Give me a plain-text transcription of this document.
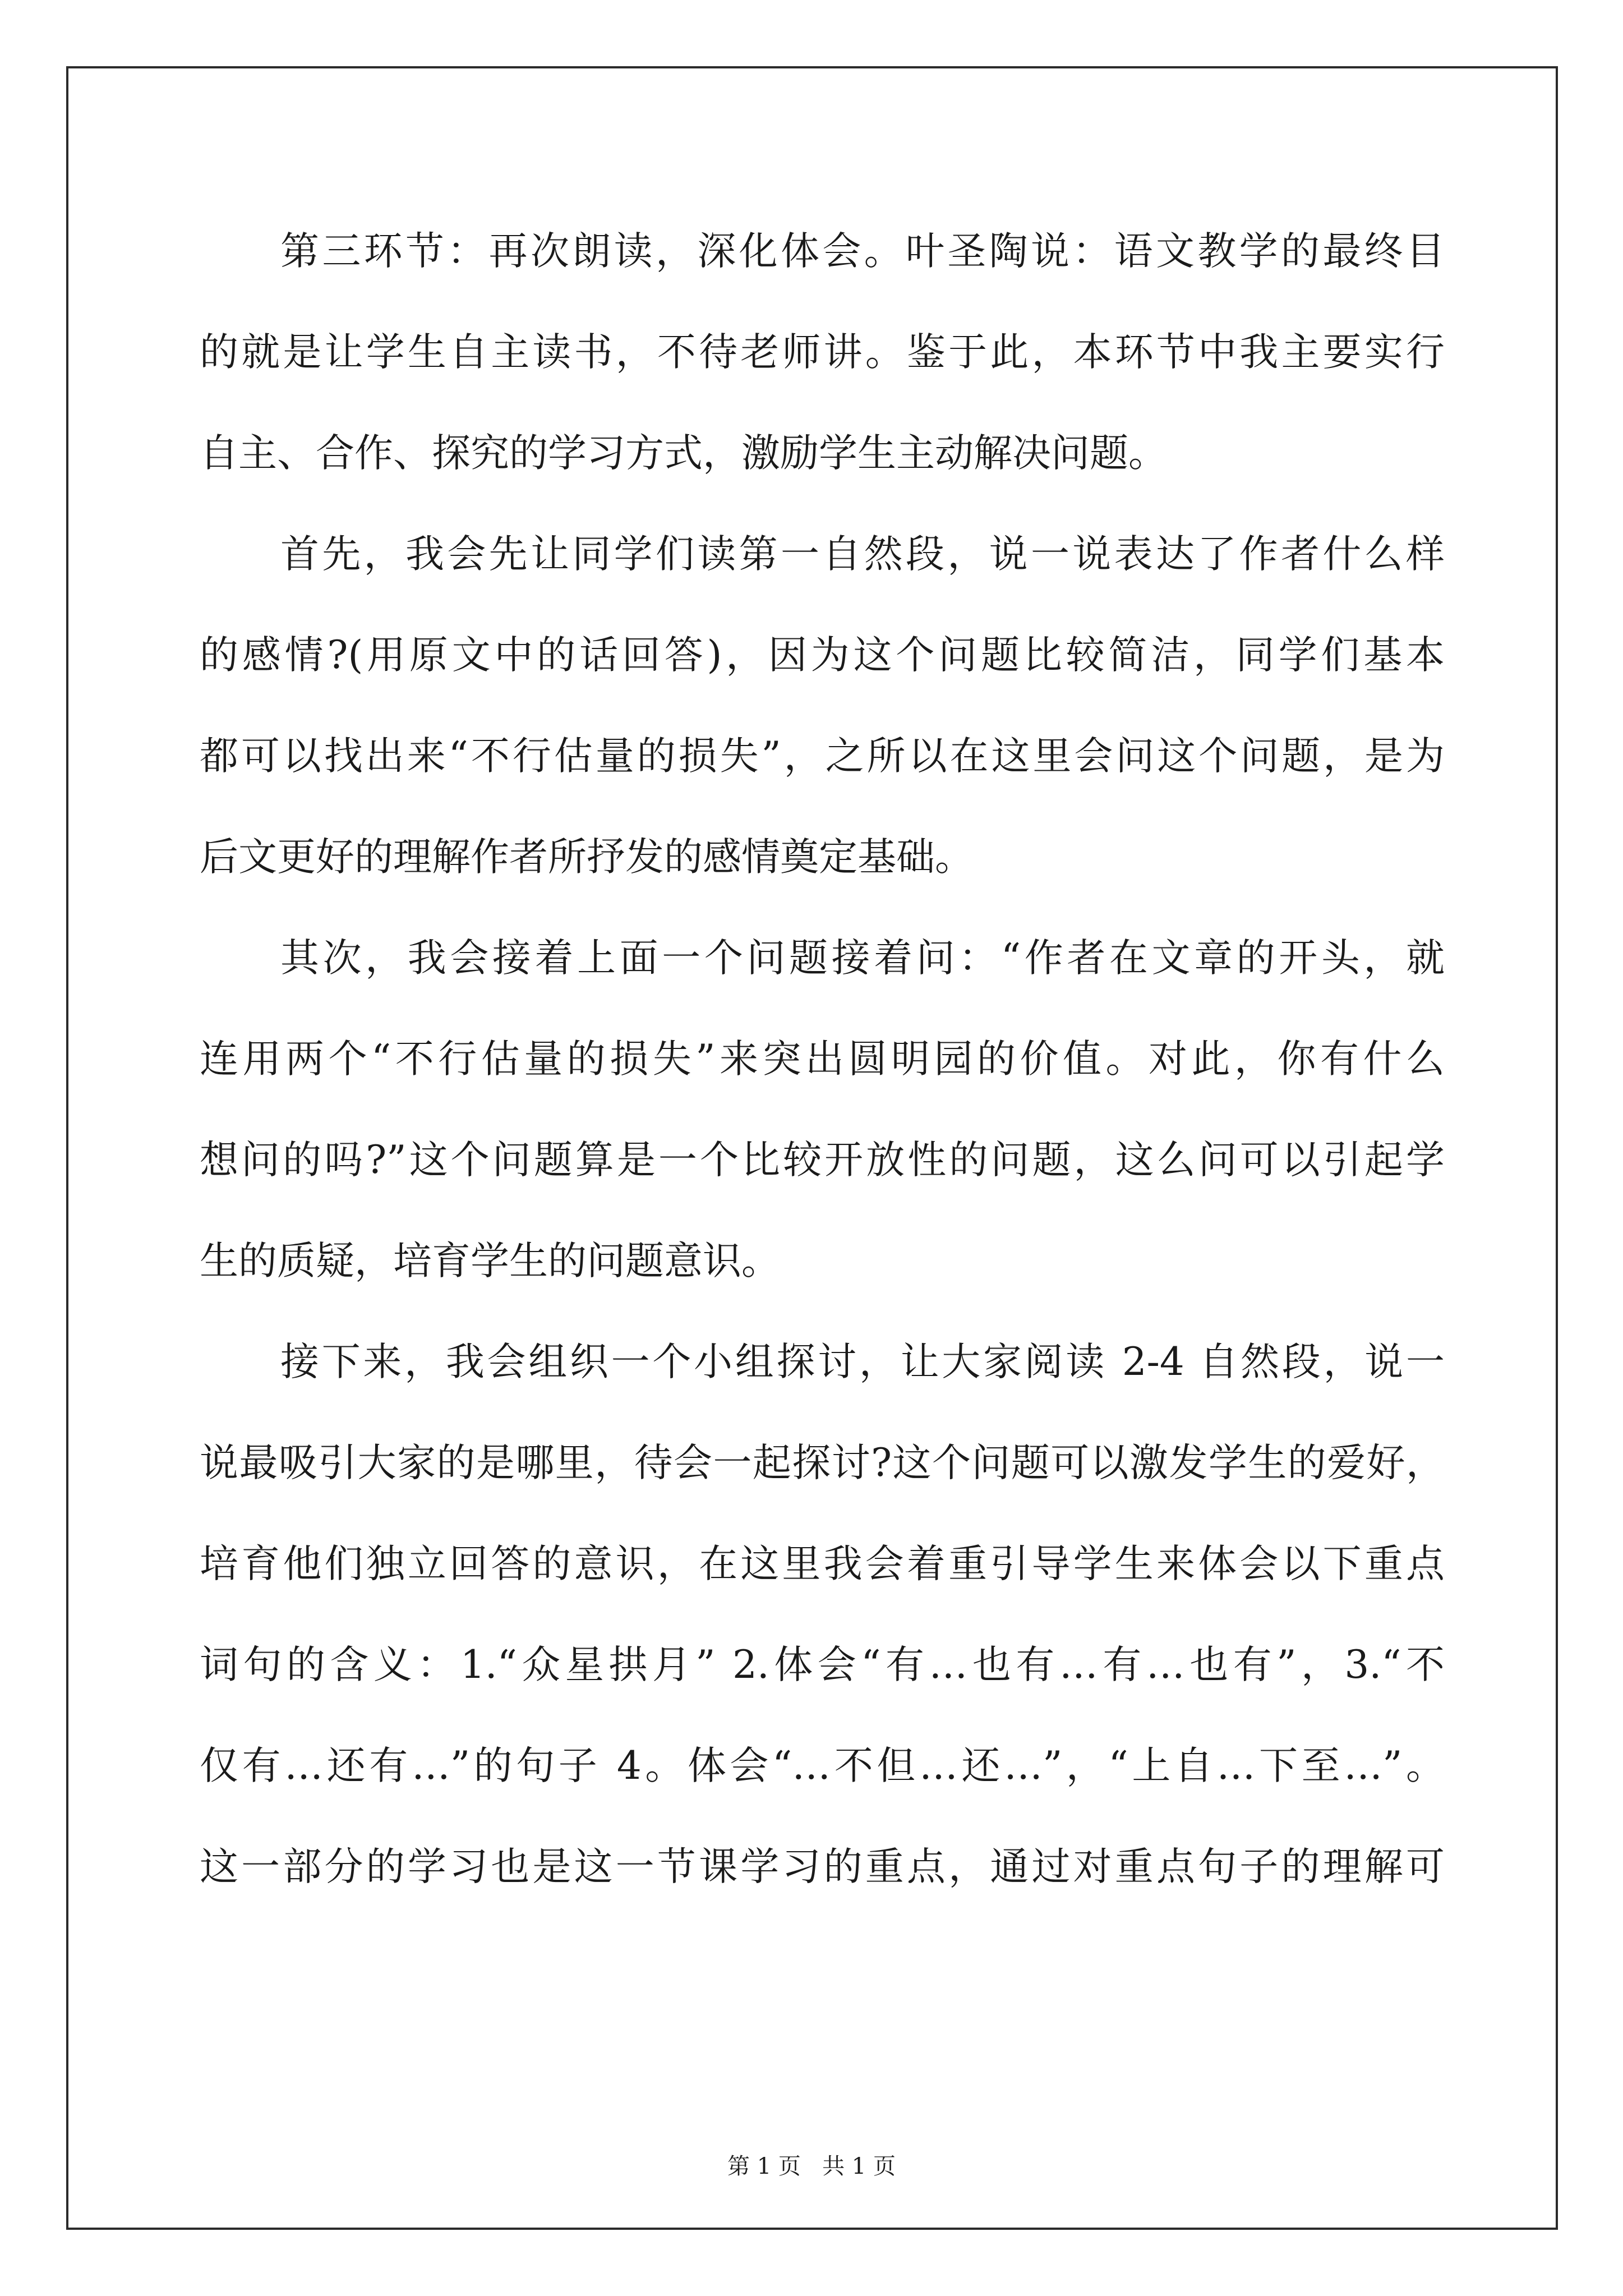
第三环节：再次朗读，深化体会。叶圣陶说：语文教学的最终目
的就是让学生自主读书，不待老师讲。鉴于此，本环节中我主要实行
自主、合作、探究的学习方式，激励学生主动解决问题。
首先，我会先让同学们读第一自然段，说一说表达了作者什么样
的感情?(用原文中的话回答)，因为这个问题比较简洁，同学们基本
都可以找出来“不行估量的损失”，之所以在这里会问这个问题，是为
后文更好的理解作者所抒发的感情奠定基础。
其次，我会接着上面一个问题接着问：“作者在文章的开头，就
连用两个“不行估量的损失”来突出圆明园的价值。对此，你有什么
想问的吗?”这个问题算是一个比较开放性的问题，这么问可以引起学
生的质疑，培育学生的问题意识。
接下来，我会组织一个小组探讨，让大家阅读 2-4 自然段，说一
说最吸引大家的是哪里，待会一起探讨?这个问题可以激发学生的爱好，
培育他们独立回答的意识，在这里我会着重引导学生来体会以下重点
词句的含义：1.“众星拱月” 2.体会“有…也有…有…也有”，3.“不
仅有…还有…”的句子 4。体会“…不但…还…”，“上自…下至…”。
这一部分的学习也是这一节课学习的重点，通过对重点句子的理解可
第 1 页   共 1 页
